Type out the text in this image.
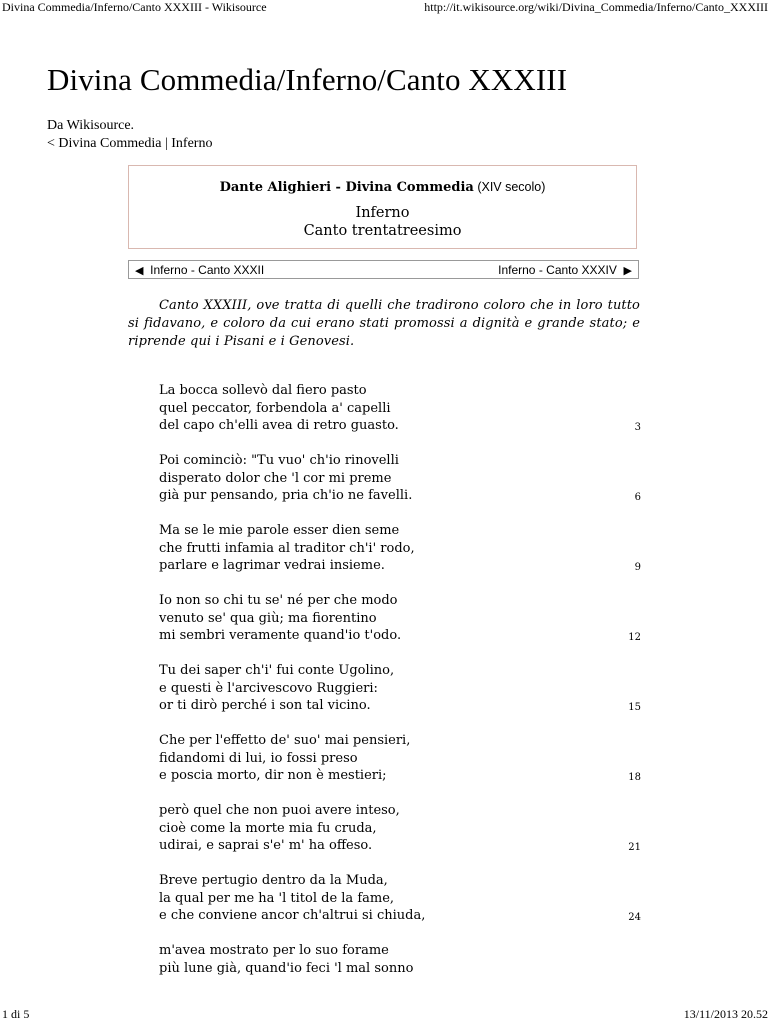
Divina Commedia/Inferno/Canto XXXIII - Wikisource	http://it.wikisource.org/wiki/Divina_Commedia/Inferno/Canto_XXXIII
Divina Commedia/Inferno/Canto XXXIII
Da Wikisource.
< Divina Commedia | Inferno
Dante Alighieri - Divina Commedia (XIV secolo)
Inferno
Canto trentatreesimo
◀ Inferno - Canto XXXII	Inferno - Canto XXXIV ▶

Canto XXXIII, ove tratta di quelli che tradirono coloro che in loro tutto si fidavano, e coloro da cui erano stati promossi a dignità e grande stato; e riprende qui i Pisani e i Genovesi.

La bocca sollevò dal fiero pasto
quel peccator, forbendola a' capelli
del capo ch'elli avea di retro guasto.	3
Poi cominciò: "Tu vuo' ch'io rinovelli
disperato dolor che 'l cor mi preme
già pur pensando, pria ch'io ne favelli.	6
Ma se le mie parole esser dien seme
che frutti infamia al traditor ch'i' rodo,
parlare e lagrimar vedrai insieme.	9
Io non so chi tu se' né per che modo
venuto se' qua giù; ma fiorentino
mi sembri veramente quand'io t'odo.	12
Tu dei saper ch'i' fui conte Ugolino,
e questi è l'arcivescovo Ruggieri:
or ti dirò perché i son tal vicino.	15
Che per l'effetto de' suo' mai pensieri,
fidandomi di lui, io fossi preso
e poscia morto, dir non è mestieri;	18
però quel che non puoi avere inteso,
cioè come la morte mia fu cruda,
udirai, e saprai s'e' m' ha offeso.	21
Breve pertugio dentro da la Muda,
la qual per me ha 'l titol de la fame,
e che conviene ancor ch'altrui si chiuda,	24
m'avea mostrato per lo suo forame
più lune già, quand'io feci 'l mal sonno
1 di 5	13/11/2013 20.52
